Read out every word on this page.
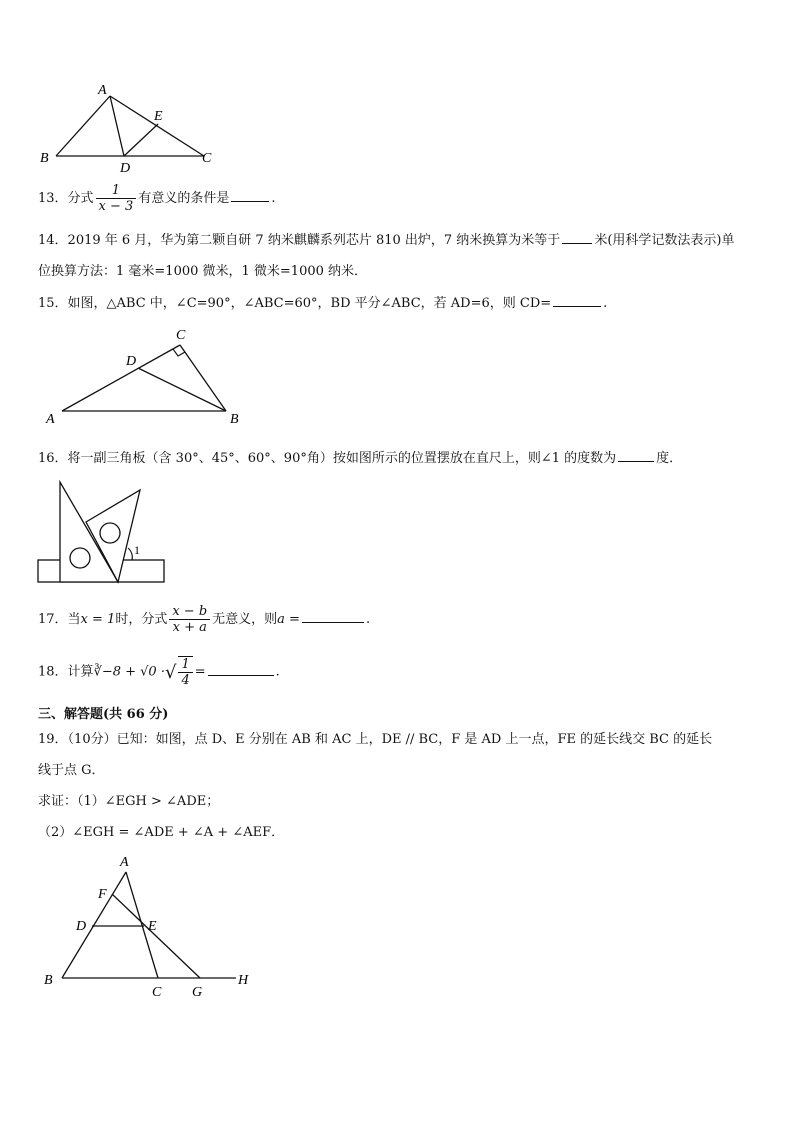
A
B	C
D
E
13．分式 $\frac{1}{x - 3}$ 有意义的条件是	.
14．2019 年 6 月，华为第二颗自研 7 纳米麒麟系列芯片 810 出炉，7 纳米换算为米等于	米(用科学记数法表示)单
位换算方法：1 毫米=1000 微米，1 微米=1000 纳米．
15．如图，△ABC 中，∠C=90°，∠ABC=60°，BD 平分∠ABC，若 AD=6，则 CD=	.
A	B
C
D
16．将一副三角板（含 30°、45°、60°、90°角）按如图所示的位置摆放在直尺上，则∠1 的度数为	度．
1
17．当x = 1时，分式 $\frac{x - b}{x + a}$ 无意义，则a =	.
18．计算∛−8 + √0 ·√ $\frac{1}{4}$ =	.
三、解答题(共 66 分)
19．（10分）已知：如图，点 D、E 分别在 AB 和 AC 上，DE // BC，F 是 AD 上一点，FE 的延长线交 BC 的延长
线于点 G．
求证：（1）∠EGH > ∠ADE；
（2）∠EGH = ∠ADE + ∠A + ∠AEF．
A
B
C
D	E
F
G
H
